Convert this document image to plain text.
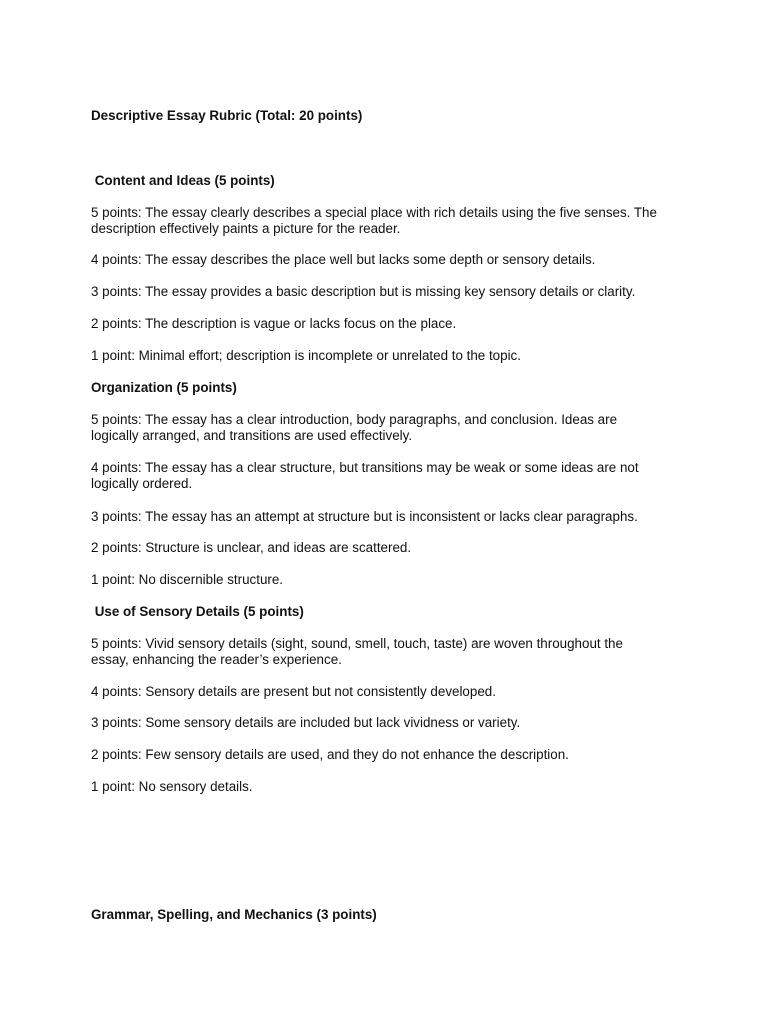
Descriptive Essay Rubric (Total: 20 points)

Content and Ideas (5 points)

5 points: The essay clearly describes a special place with rich details using the five senses. The

description effectively paints a picture for the reader.

4 points: The essay describes the place well but lacks some depth or sensory details.

3 points: The essay provides a basic description but is missing key sensory details or clarity.

2 points: The description is vague or lacks focus on the place.

1 point: Minimal effort; description is incomplete or unrelated to the topic.

Organization (5 points)

5 points: The essay has a clear introduction, body paragraphs, and conclusion. Ideas are

logically arranged, and transitions are used effectively.

4 points: The essay has a clear structure, but transitions may be weak or some ideas are not

logically ordered.

3 points: The essay has an attempt at structure but is inconsistent or lacks clear paragraphs.

2 points: Structure is unclear, and ideas are scattered.

1 point: No discernible structure.

Use of Sensory Details (5 points)

5 points: Vivid sensory details (sight, sound, smell, touch, taste) are woven throughout the

essay, enhancing the reader’s experience.

4 points: Sensory details are present but not consistently developed.

3 points: Some sensory details are included but lack vividness or variety.

2 points: Few sensory details are used, and they do not enhance the description.

1 point: No sensory details.

Grammar, Spelling, and Mechanics (3 points)
